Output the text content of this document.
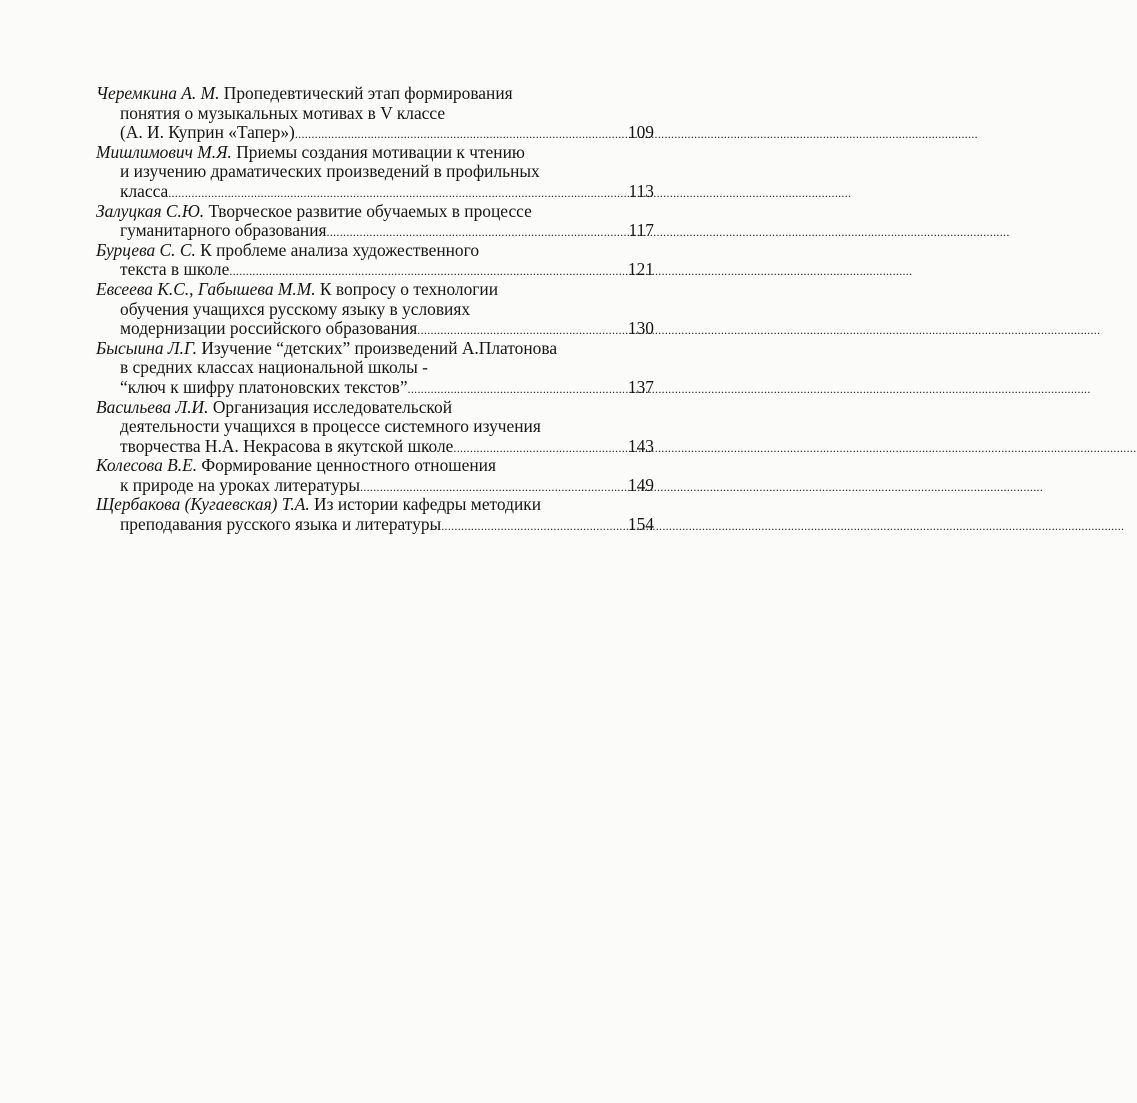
Черемкина А. М. Пропедевтический этап формирования
понятия о музыкальных мотивах в V классе
(А. И. Куприн «Тапер») .....	109
Мишлимович М.Я. Приемы создания мотивации к чтению
и изучению драматических произведений в профильных
класса .....	113
Залуцкая С.Ю. Творческое развитие обучаемых в процессе
гуманитарного образования .....	117
Бурцева С. С. К проблеме анализа художественного
текста в школе .....	121
Евсеева К.С., Габышева М.М. К вопросу о технологии
обучения учащихся русскому языку в условиях
модернизации российского образования .....	130
Бысыина Л.Г. Изучение “детских” произведений А.Платонова
в средних классах национальной школы -
“ключ к шифру платоновских текстов” .....	137
Васильева Л.И. Организация исследовательской
деятельности учащихся в процессе системного изучения
творчества Н.А. Некрасова в якутской школе .....	143
Колесова В.Е. Формирование ценностного отношения
к природе на уроках литературы .....	149
Щербакова (Кугаевская) Т.А. Из истории кафедры методики
преподавания русского языка и литературы .....	154
